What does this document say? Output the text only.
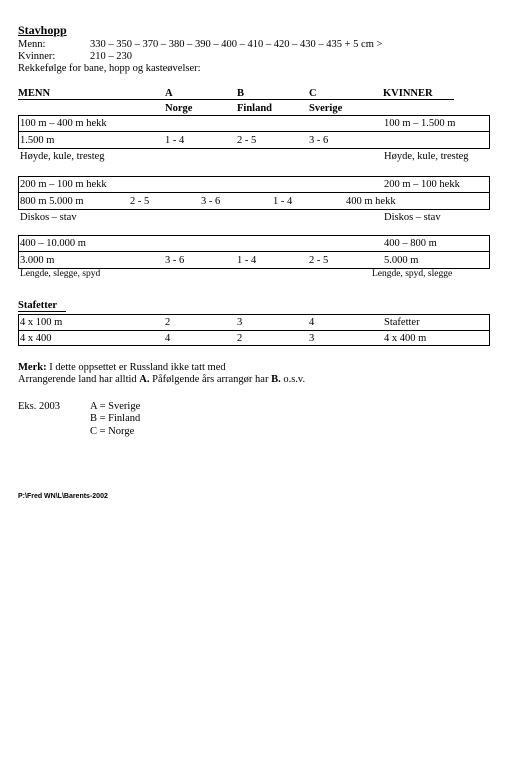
Stavhopp
Menn:	330 – 350 – 370 – 380 – 390 – 400 – 410 – 420 – 430 – 435 + 5 cm >
Kvinner:	210 – 230
Rekkefølge for bane, hopp og kasteøvelser:
MENN	A	B	C	KVINNER
Norge	Finland	Sverige
100 m – 400 m hekk	100 m – 1.500 m
1.500 m	1 - 4	2 - 5	3 - 6
Høyde, kule, tresteg	Høyde, kule, tresteg
200 m – 100 m hekk	200 m – 100 hekk
800 m 5.000 m	2 - 5	3 - 6	1 - 4	400 m hekk
Diskos – stav	Diskos – stav
400 – 10.000 m	400 – 800 m
3.000 m	3 - 6	1 - 4	2 - 5	5.000 m
Lengde, slegge, spyd	Lengde, spyd, slegge
Stafetter
4 x 100 m	2	3	4	Stafetter
4 x 400	4	2	3	4 x 400 m
Merk: I dette oppsettet er Russland ikke tatt med
Arrangerende land har alltid A. Påfølgende års arrangør har B. o.s.v.
Eks. 2003	A = Sverige
B = Finland
C = Norge
P:\Fred WN\L\Barents-2002
